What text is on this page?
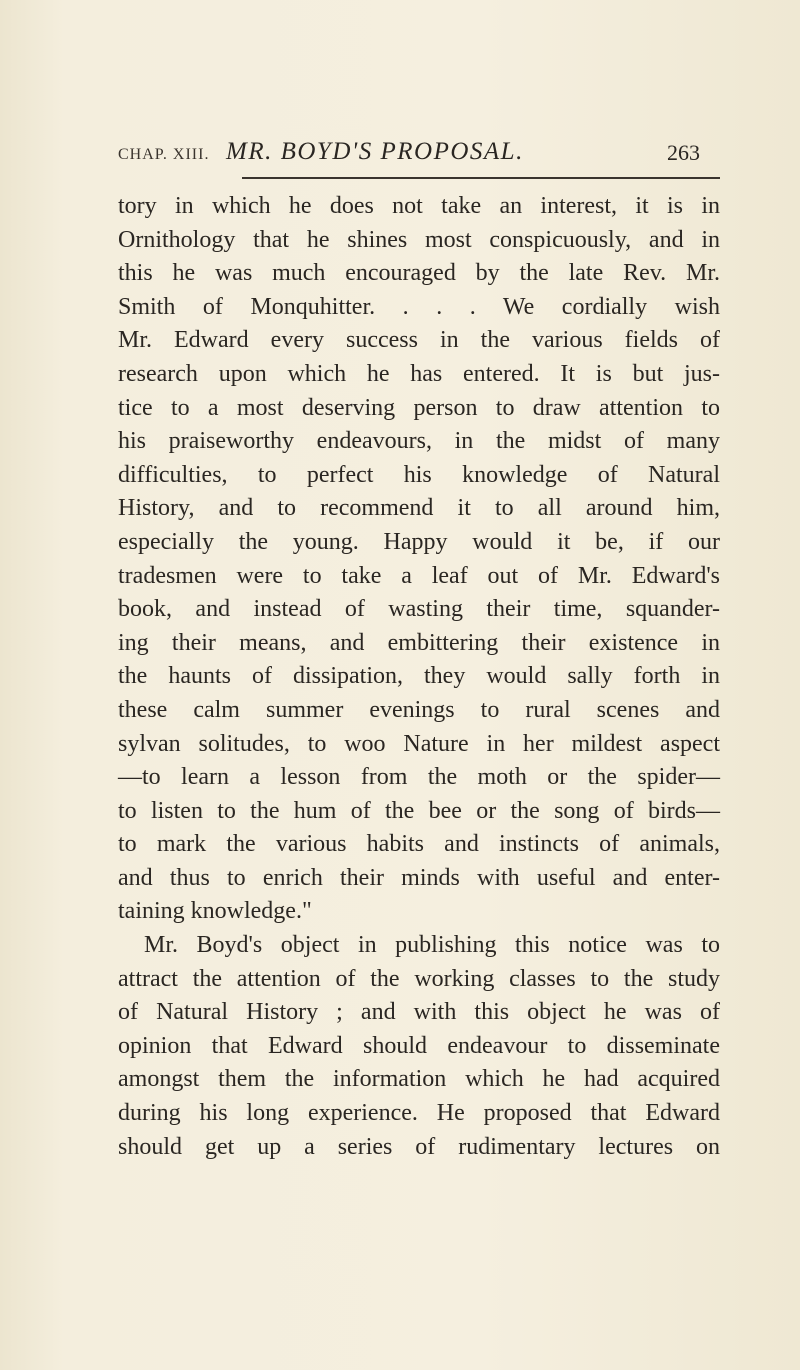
CHAP. XIII. MR. BOYD'S PROPOSAL.	263
tory in which he does not take an interest, it is in
Ornithology that he shines most conspicuously, and in
this he was much encouraged by the late Rev. Mr.
Smith of Monquhitter. . . . We cordially wish
Mr. Edward every success in the various fields of
research upon which he has entered. It is but jus-
tice to a most deserving person to draw attention to
his praiseworthy endeavours, in the midst of many
difficulties, to perfect his knowledge of Natural
History, and to recommend it to all around him,
especially the young. Happy would it be, if our
tradesmen were to take a leaf out of Mr. Edward's
book, and instead of wasting their time, squander-
ing their means, and embittering their existence in
the haunts of dissipation, they would sally forth in
these calm summer evenings to rural scenes and
sylvan solitudes, to woo Nature in her mildest aspect
—to learn a lesson from the moth or the spider—
to listen to the hum of the bee or the song of birds—
to mark the various habits and instincts of animals,
and thus to enrich their minds with useful and enter-
taining knowledge."
Mr. Boyd's object in publishing this notice was to
attract the attention of the working classes to the study
of Natural History ; and with this object he was of
opinion that Edward should endeavour to disseminate
amongst them the information which he had acquired
during his long experience. He proposed that Edward
should get up a series of rudimentary lectures on
